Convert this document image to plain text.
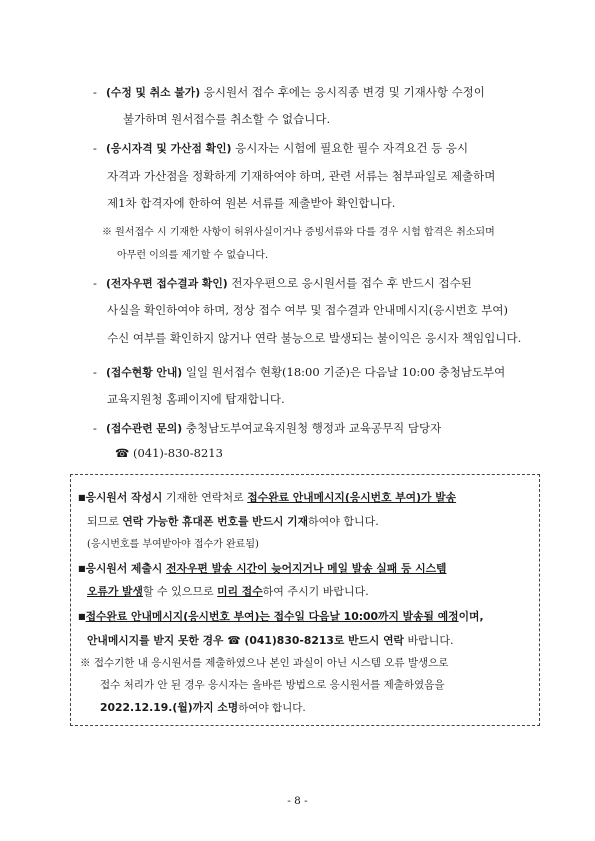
- (수정 및 취소 불가) 응시원서 접수 후에는 응시직종 변경 및 기재사항 수정이
불가하며 원서접수를 취소할 수 없습니다.
- (응시자격 및 가산점 확인) 응시자는 시험에 필요한 필수 자격요건 등 응시
자격과 가산점을 정확하게 기재하여야 하며, 관련 서류는 첨부파일로 제출하며
제1차 합격자에 한하여 원본 서류를 제출받아 확인합니다.
※ 원서접수 시 기재한 사항이 허위사실이거나 증빙서류와 다를 경우 시험 합격은 취소되며
아무런 이의를 제기할 수 없습니다.
- (전자우편 접수결과 확인) 전자우편으로 응시원서를 접수 후 반드시 접수된
사실을 확인하여야 하며, 정상 접수 여부 및 접수결과 안내메시지(응시번호 부여)
수신 여부를 확인하지 않거나 연락 불능으로 발생되는 불이익은 응시자 책임입니다.
- (접수현황 안내) 일일 원서접수 현황(18:00 기준)은 다음날 10:00 충청남도부여
교육지원청 홈페이지에 탑재합니다.
- (접수관련 문의) 충청남도부여교육지원청 행정과 교육공무직 담당자
☎ (041)-830-8213
■응시원서 작성시 기재한 연락처로 접수완료 안내메시지(응시번호 부여)가 발송
되므로 연락 가능한 휴대폰 번호를 반드시 기재하여야 합니다.
(응시번호를 부여받아야 접수가 완료됨)
■응시원서 제출시 전자우편 발송 시간이 늦어지거나 메일 발송 실패 등 시스템
오류가 발생할 수 있으므로 미리 접수하여 주시기 바랍니다.
■접수완료 안내메시지(응시번호 부여)는 접수일 다음날 10:00까지 발송될 예정이며,
안내메시지를 받지 못한 경우 ☎ (041)830-8213로 반드시 연락 바랍니다.
※ 접수기한 내 응시원서를 제출하였으나 본인 과실이 아닌 시스템 오류 발생으로
접수 처리가 안 된 경우 응시자는 올바른 방법으로 응시원서를 제출하였음을
2022.12.19.(월)까지 소명하여야 합니다.
- 8 -
